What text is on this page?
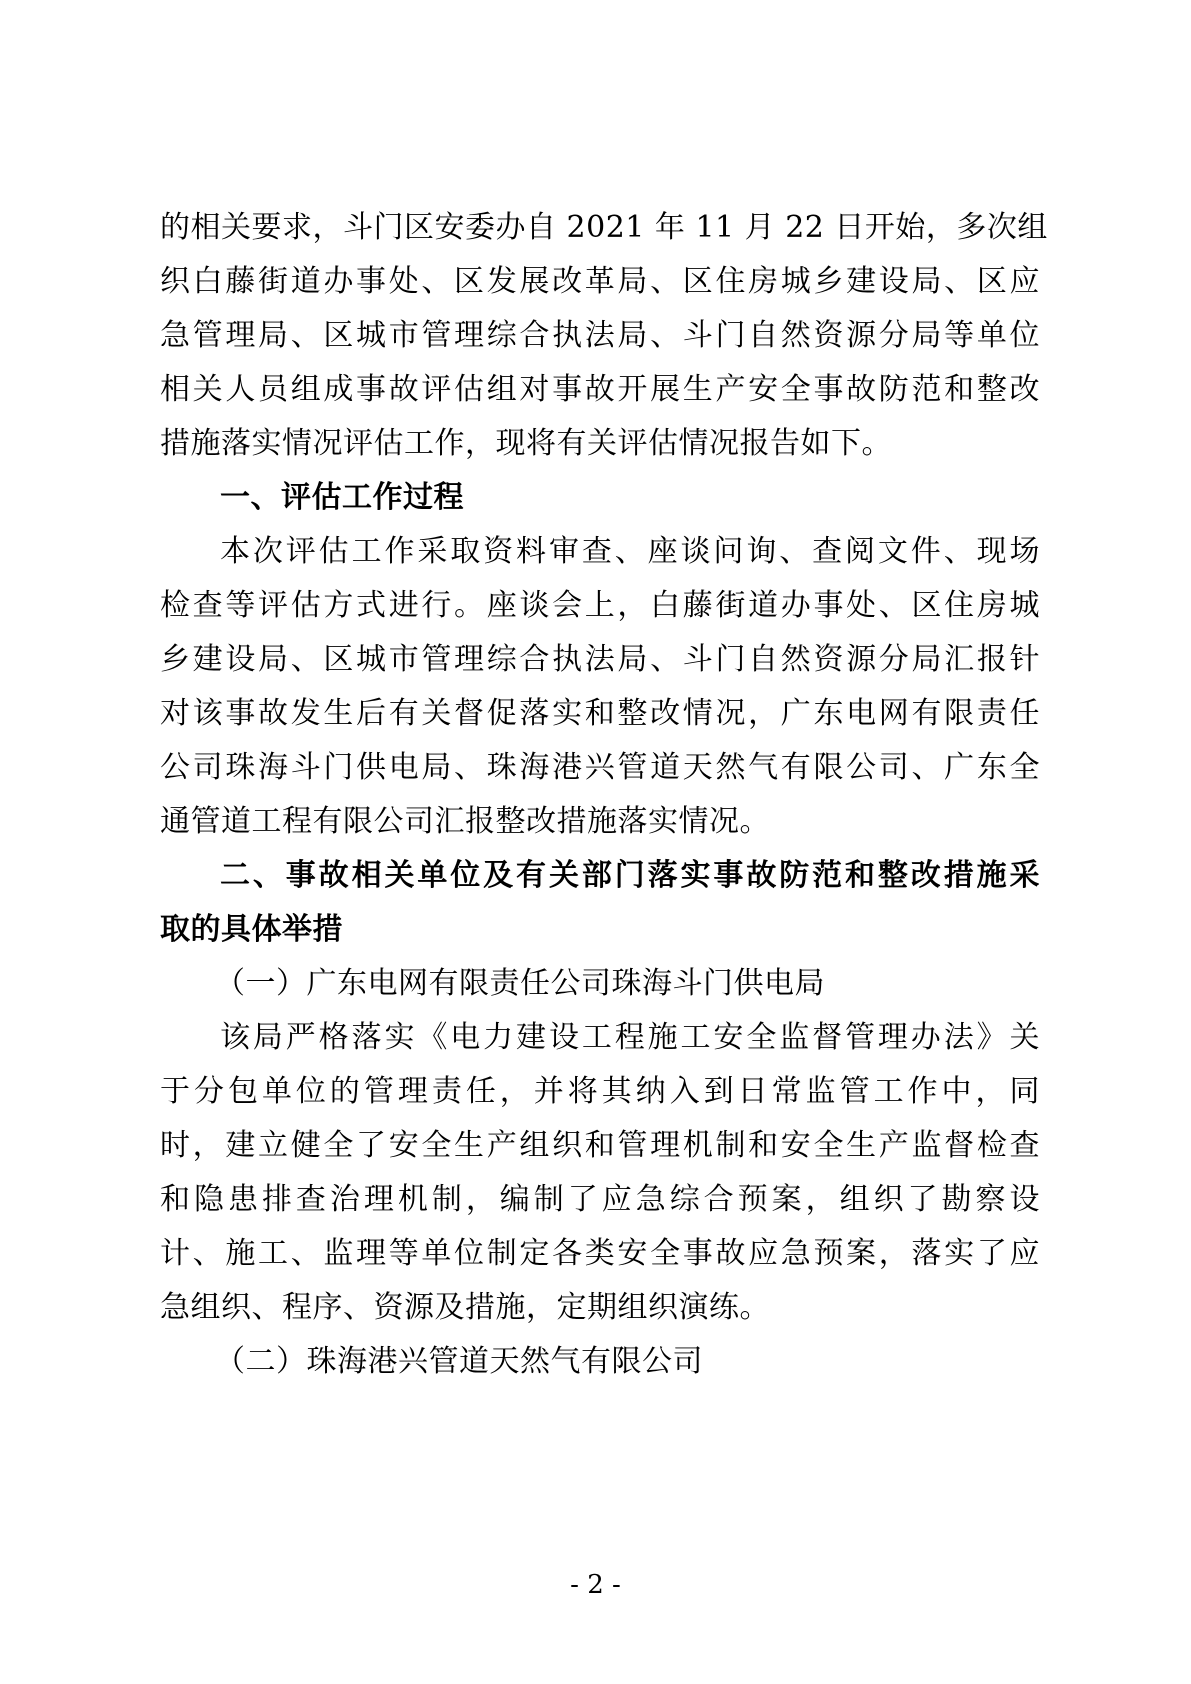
的相关要求，斗门区安委办自 2021 年 11 月 22 日开始，多次组
织白藤街道办事处、区发展改革局、区住房城乡建设局、区应
急管理局、区城市管理综合执法局、斗门自然资源分局等单位
相关人员组成事故评估组对事故开展生产安全事故防范和整改
措施落实情况评估工作，现将有关评估情况报告如下。
一、评估工作过程
本次评估工作采取资料审查、座谈问询、查阅文件、现场
检查等评估方式进行。座谈会上，白藤街道办事处、区住房城
乡建设局、区城市管理综合执法局、斗门自然资源分局汇报针
对该事故发生后有关督促落实和整改情况，广东电网有限责任
公司珠海斗门供电局、珠海港兴管道天然气有限公司、广东全
通管道工程有限公司汇报整改措施落实情况。
二、事故相关单位及有关部门落实事故防范和整改措施采
取的具体举措
（一）广东电网有限责任公司珠海斗门供电局
该局严格落实《电力建设工程施工安全监督管理办法》关
于分包单位的管理责任，并将其纳入到日常监管工作中，同
时，建立健全了安全生产组织和管理机制和安全生产监督检查
和隐患排查治理机制，编制了应急综合预案，组织了勘察设
计、施工、监理等单位制定各类安全事故应急预案，落实了应
急组织、程序、资源及措施，定期组织演练。
（二）珠海港兴管道天然气有限公司
- 2 -
